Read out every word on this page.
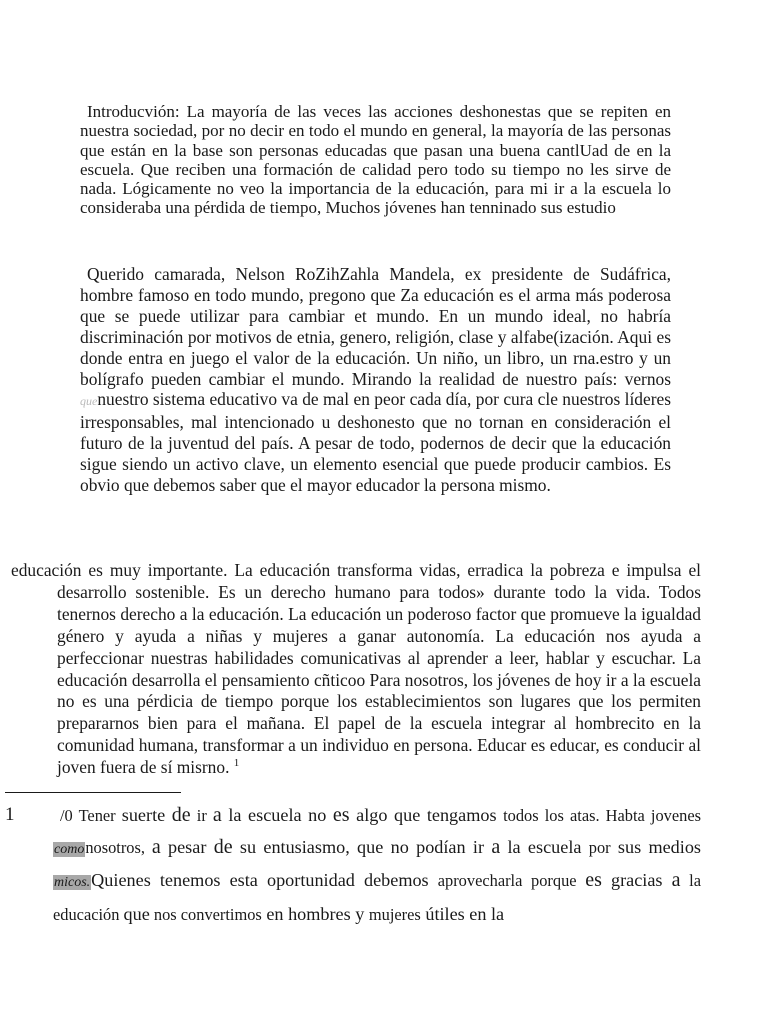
Introducvión: La mayoría de las veces las acciones deshonestas que se repiten en nuestra sociedad, por no decir en todo el mundo en general, la mayoría de las personas que están en la base son personas educadas que pasan una buena cantlUad de en la escuela. Que reciben una formación de calidad pero todo su tiempo no les sirve de nada. Lógicamente no veo la importancia de la educación, para mi ir a la escuela lo consideraba una pérdida de tiempo, Muchos jóvenes han tenninado sus estudio

Querido camarada, Nelson RoZihZahla Mandela, ex presidente de Sudáfrica, hombre famoso en todo mundo, pregono que Za educación es el arma más poderosa que se puede utilizar para cambiar et mundo. En un mundo ideal, no habría discriminación por motivos de etnia, genero, religión, clase y alfabe(ización. Aqui es donde entra en juego el valor de la educación. Un niño, un libro, un rna.estro y un bolígrafo pueden cambiar el mundo. Mirando la realidad de nuestro país: vernos quenuestro sistema educativo va de mal en peor cada día, por cura cle nuestros líderes irresponsables, mal intencionado u deshonesto que no tornan en consideración el futuro de la juventud del país. A pesar de todo, podernos de decir que la educación sigue siendo un activo clave, un elemento esencial que puede producir cambios. Es obvio que debemos saber que el mayor educador la persona mismo.

educación es muy importante. La educación transforma vidas, erradica la pobreza e impulsa el desarrollo sostenible. Es un derecho humano para todos» durante todo la vida. Todos tenernos derecho a la educación. La educación un poderoso factor que promueve la igualdad género y ayuda a niñas y mujeres a ganar autonomía. La educación nos ayuda a perfeccionar nuestras habilidades comunicativas al aprender a leer, hablar y escuchar. La educación desarrolla el pensamiento cñticoo Para nosotros, los jóvenes de hoy ir a la escuela no es una pérdicia de tiempo porque los establecimientos son lugares que los permiten prepararnos bien para el mañana. El papel de la escuela integrar al hombrecito en la comunidad humana, transformar a un individuo en persona. Educar es educar, es conducir al joven fuera de sí misrno. $^1$

1	/0 Tener suerte de ir a la escuela no es algo que tengamos todos los atas. Habta jovenes comonosotros, a pesar de su entusiasmo, que no podían ir a la escuela por sus medios micos.Quienes tenemos esta oportunidad debemos aprovecharla porque es gracias a la educación que nos convertimos en hombres y mujeres útiles en la
